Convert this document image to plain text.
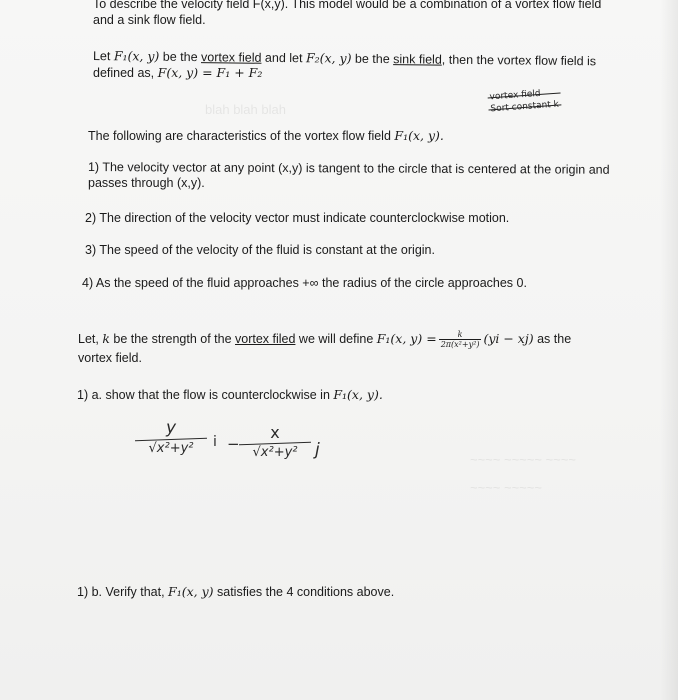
blah blah blah
~~~~ ~~~~~ ~~~~
~~~~ ~~~~~
To describe the velocity field F(x,y). This model would be a combination of a vortex flow field
and a sink flow field.
Let F₁(x, y) be the vortex field and let F₂(x, y) be the sink field, then the vortex flow field is
defined as, F(x, y) = F₁ + F₂
vortex field
Sort constant k
The following are characteristics of the vortex flow field F₁(x, y).
1) The velocity vector at any point (x,y) is tangent to the circle that is centered at the origin and
passes through (x,y).
2) The direction of the velocity vector must indicate counterclockwise motion.
3) The speed of the velocity of the fluid is constant at the origin.
4) As the speed of the fluid approaches +∞ the radius of the circle approaches 0.
Let, k be the strength of the vortex filed we will define F₁(x, $y) = \frac{k}{\text{2π(x²+y²)}} (yi - xj)$ as the
vortex field.
1) a. show that the flow is counterclockwise in F₁(x, y).
y
√x²+y²	i −
x
√x²+y²	j
1) b. Verify that, F₁(x, y) satisfies the 4 conditions above.
